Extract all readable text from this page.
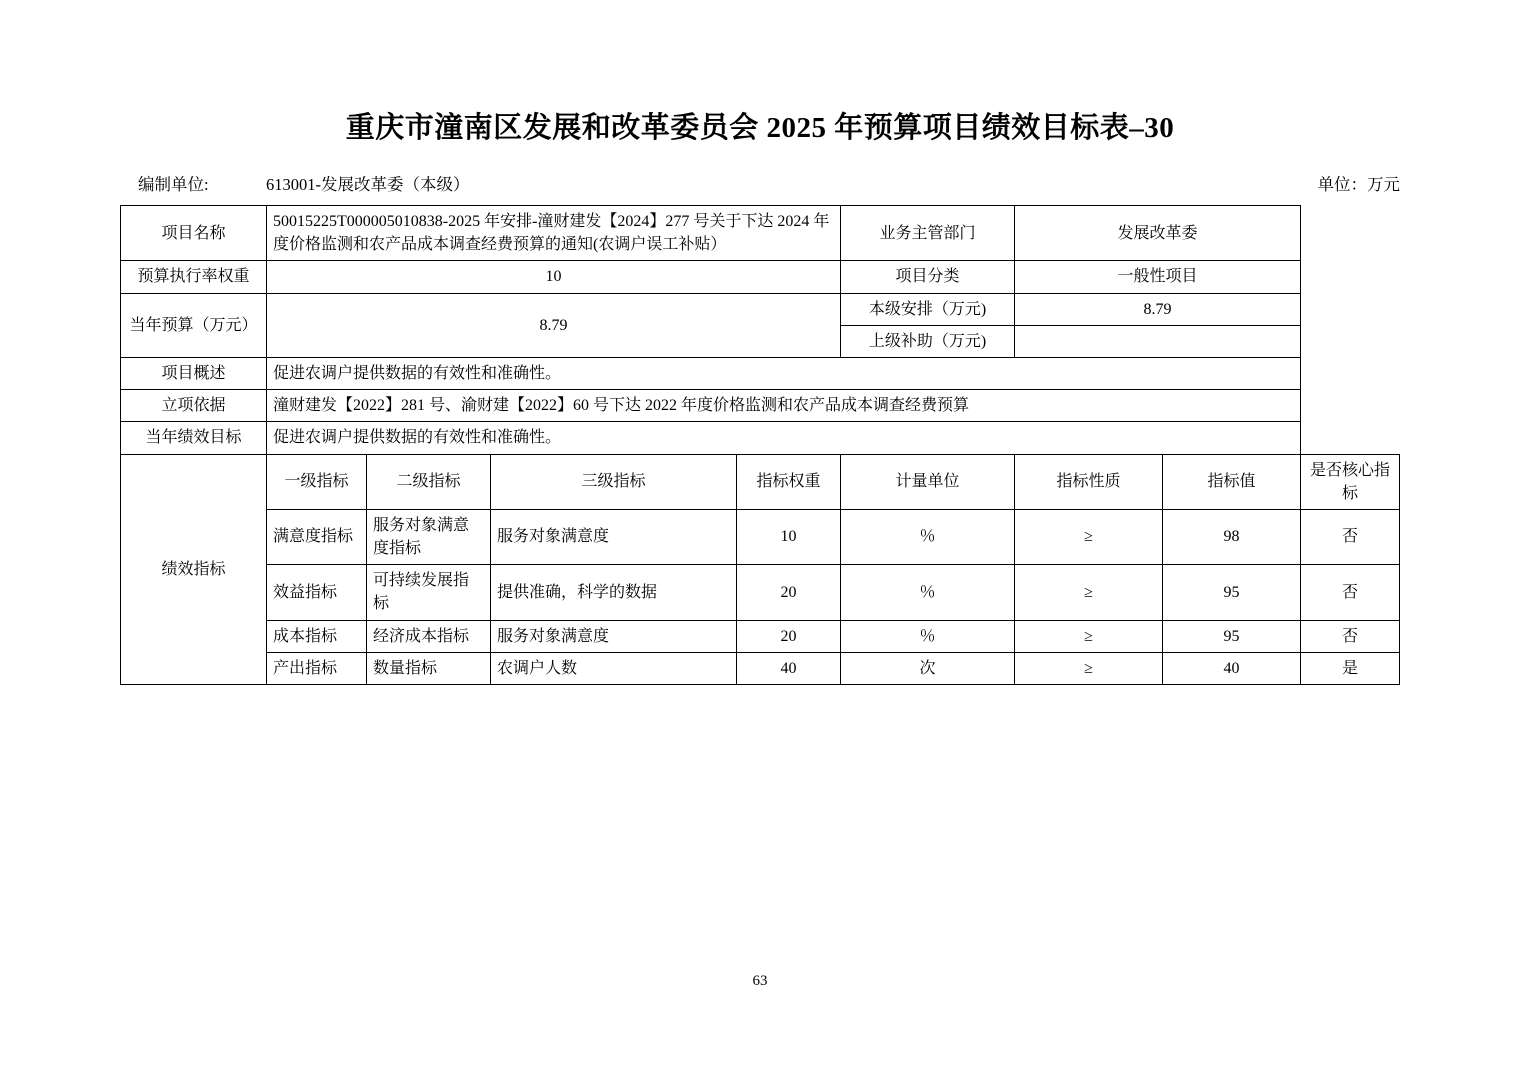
重庆市潼南区发展和改革委员会 2025 年预算项目绩效目标表–30
编制单位:	613001-发展改革委（本级）	单位：万元
项目名称	50015225T000005010838-2025 年安排-潼财建发【2024】277 号关于下达 2024 年度价格监测和农产品成本调查经费预算的通知(农调户误工补贴）				业务主管部门	发展改革委		
预算执行率权重	10				项目分类	一般性项目		
当年预算（万元）	8.79				本级安排（万元)	8.79		
					上级补助（万元)			
项目概述	促进农调户提供数据的有效性和准确性。							
立项依据	潼财建发【2022】281 号、渝财建【2022】60 号下达 2022 年度价格监测和农产品成本调查经费预算							
当年绩效目标	促进农调户提供数据的有效性和准确性。							
绩效指标	一级指标	二级指标	三级指标	指标权重	计量单位	指标性质	指标值	是否核心指标
	满意度指标	服务对象满意度指标	服务对象满意度	10	％	≥	98	否
	效益指标	可持续发展指标	提供准确，科学的数据	20	％	≥	95	否
	成本指标	经济成本指标	服务对象满意度	20	％	≥	95	否
	产出指标	数量指标	农调户人数	40	次	≥	40	是
63
